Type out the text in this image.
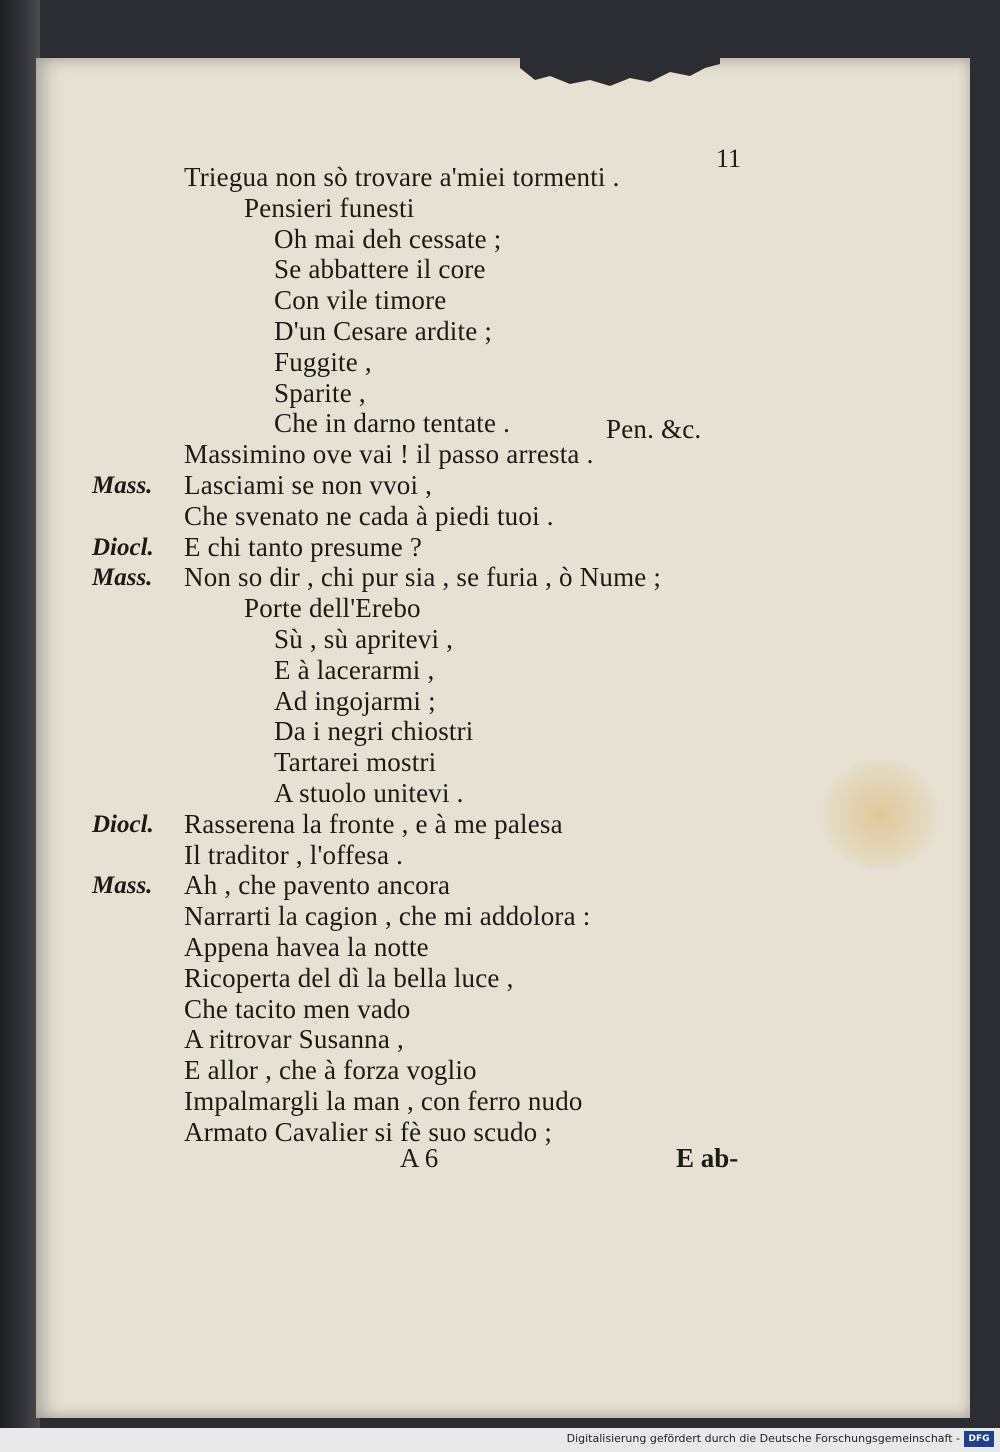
11
Triegua non sò trovare a'miei tormenti .
Pensieri funesti
Oh mai deh cessate ;
Se abbattere il core
Con vile timore
D'un Cesare ardite ;
Fuggite ,
Sparite ,
Che in darno tentate .
Massimino ove vai ! il passo arresta .
Mass. Lasciami se non vvoi ,
Che svenato ne cada à piedi tuoi .
Diocl. E chi tanto presume ?
Mass. Non so dir , chi pur sia , se furia , ò Nume ;
Porte dell'Erebo
Sù , sù apritevi ,
E à lacerarmi ,
Ad ingojarmi ;
Da i negri chiostri
Tartarei mostri
A stuolo unitevi .
Diocl. Rasserena la fronte , e à me palesa
Il traditor , l'offesa .
Mass. Ah , che pavento ancora
Narrarti la cagion , che mi addolora :
Appena havea la notte
Ricoperta del dì la bella luce ,
Che tacito men vado
A ritrovar Susanna ,
E allor , che à forza voglio
Impalmargli la man , con ferro nudo
Armato Cavalier si fè suo scudo ;
Pen. &c.
A 6	E ab-
Digitalisierung gefördert durch die Deutsche Forschungsgemeinschaft - DFG
